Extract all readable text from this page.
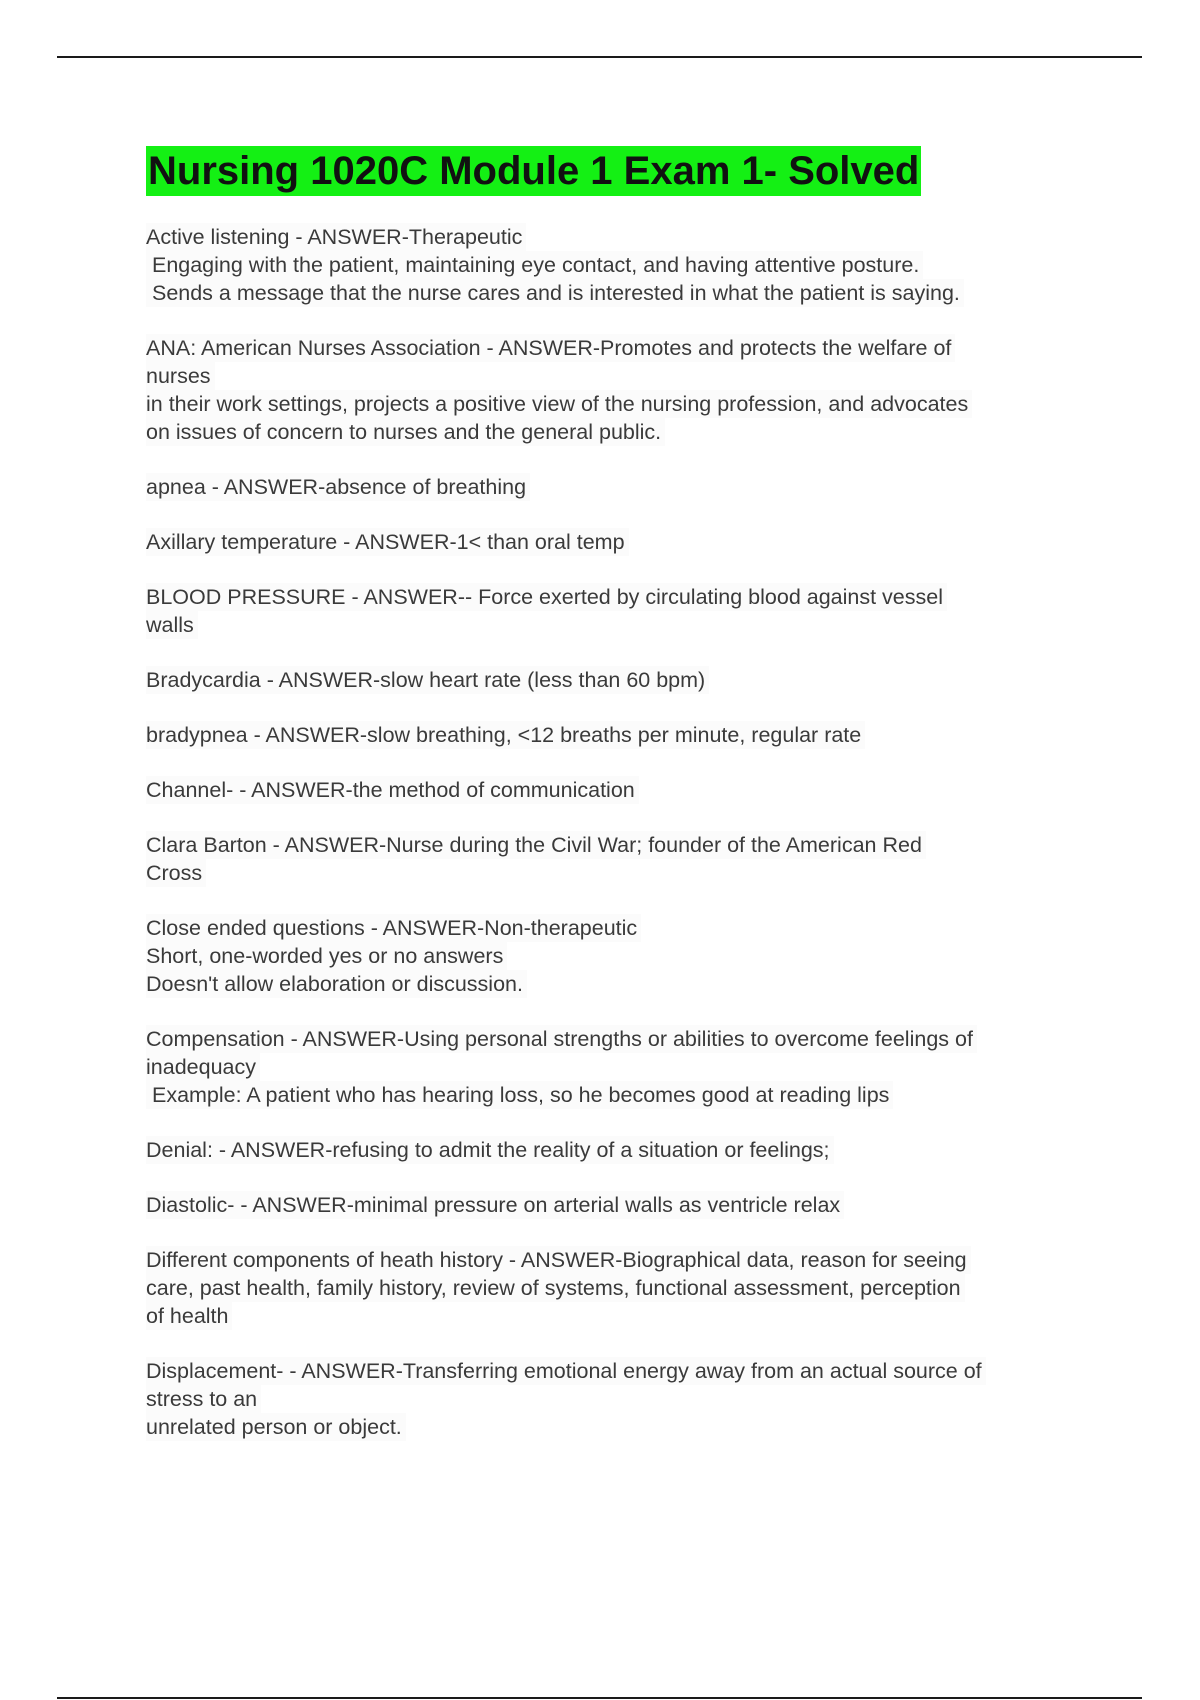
Nursing 1020C Module 1 Exam 1- Solved
Active listening - ANSWER-Therapeutic
Engaging with the patient, maintaining eye contact, and having attentive posture.
Sends a message that the nurse cares and is interested in what the patient is saying.
ANA: American Nurses Association - ANSWER-Promotes and protects the welfare of
nurses
in their work settings, projects a positive view of the nursing profession, and advocates
on issues of concern to nurses and the general public.
apnea - ANSWER-absence of breathing
Axillary temperature - ANSWER-1< than oral temp
BLOOD PRESSURE - ANSWER-- Force exerted by circulating blood against vessel
walls
Bradycardia - ANSWER-slow heart rate (less than 60 bpm)
bradypnea - ANSWER-slow breathing, <12 breaths per minute, regular rate
Channel- - ANSWER-the method of communication
Clara Barton - ANSWER-Nurse during the Civil War; founder of the American Red
Cross
Close ended questions - ANSWER-Non-therapeutic
Short, one-worded yes or no answers
Doesn't allow elaboration or discussion.
Compensation - ANSWER-Using personal strengths or abilities to overcome feelings of
inadequacy
Example: A patient who has hearing loss, so he becomes good at reading lips
Denial: - ANSWER-refusing to admit the reality of a situation or feelings;
Diastolic- - ANSWER-minimal pressure on arterial walls as ventricle relax
Different components of heath history - ANSWER-Biographical data, reason for seeing
care, past health, family history, review of systems, functional assessment, perception
of health
Displacement- - ANSWER-Transferring emotional energy away from an actual source of
stress to an
unrelated person or object.
